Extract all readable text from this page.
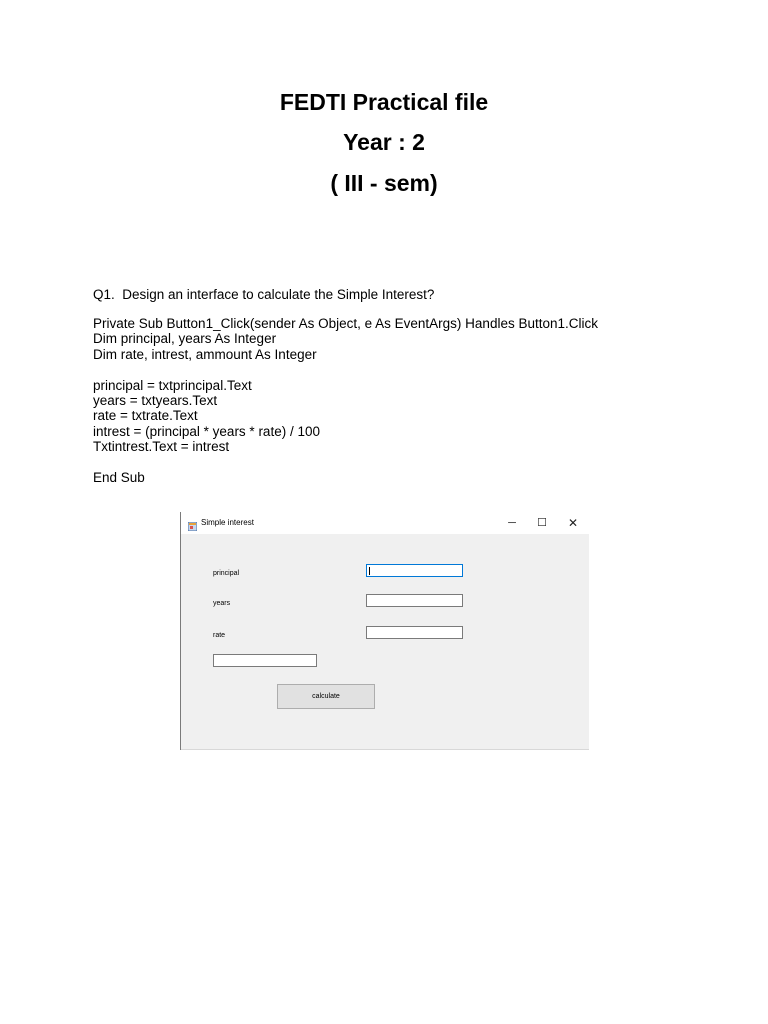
FEDTI Practical file
Year : 2
( III - sem)
Q1.  Design an interface to calculate the Simple Interest?
Private Sub Button1_Click(sender As Object, e As EventArgs) Handles Button1.Click
Dim principal, years As Integer
Dim rate, intrest, ammount As Integer
principal = txtprincipal.Text
years = txtyears.Text
rate = txtrate.Text
intrest = (principal * years * rate) / 100
Txtintrest.Text = intrest
End Sub
Simple interest	─	☐	✕
principal
years
rate
calculate
